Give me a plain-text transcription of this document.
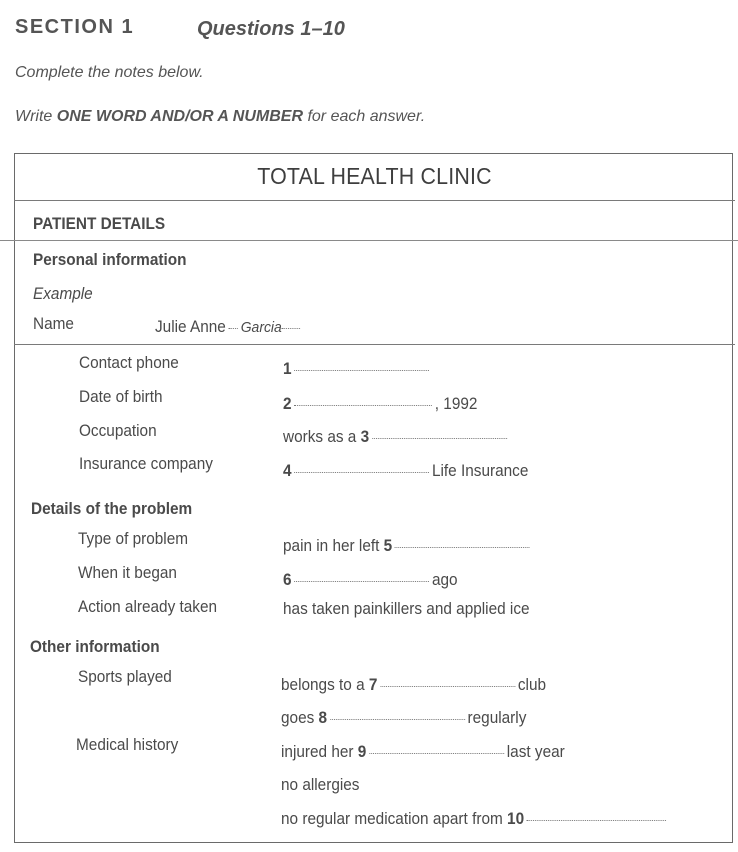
SECTION 1	Questions 1–10
Complete the notes below.
Write ONE WORD AND/OR A NUMBER for each answer.
TOTAL HEALTH CLINIC
PATIENT DETAILS
Personal information
Example
Name	Julie Anne Garcia
Contact phone	1
Date of birth	2	, 1992
Occupation	works as a 3
Insurance company	4	Life Insurance
Details of the problem
Type of problem	pain in her left 5
When it began	6	ago
Action already taken	has taken painkillers and applied ice
Other information
Sports played	belongs to a 7	club
goes 8	regularly
Medical history	injured her 9	last year
no allergies
no regular medication apart from 10
